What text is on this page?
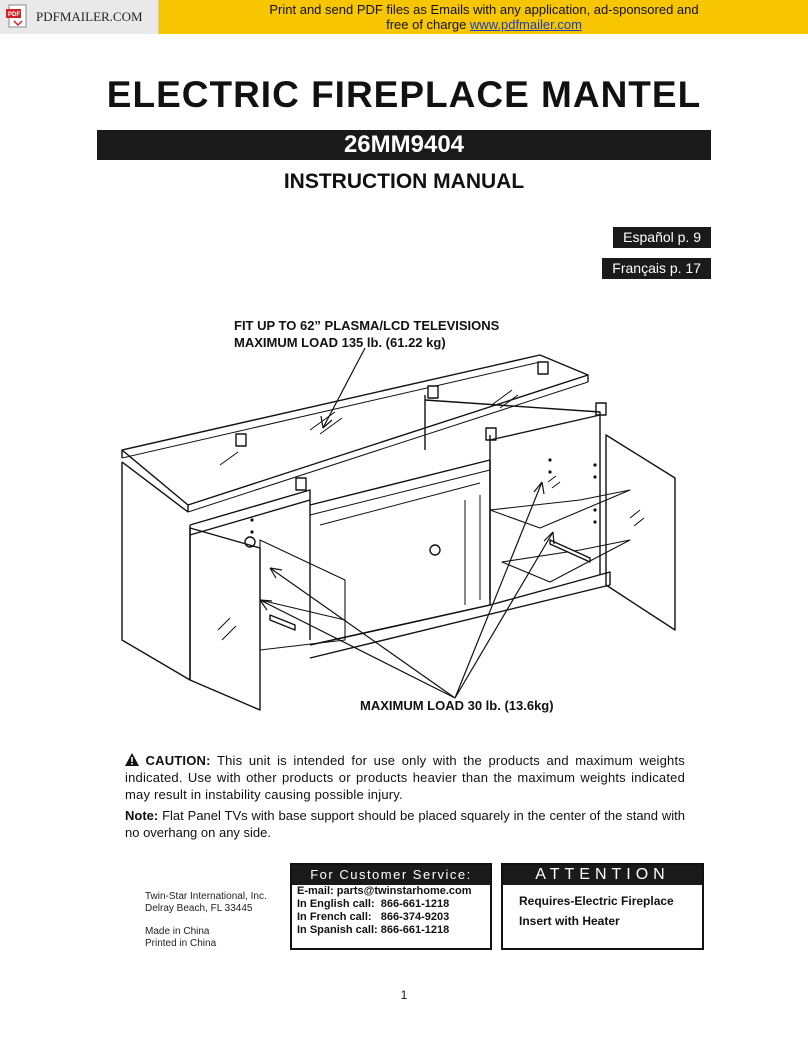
PDF PDFMAILER.COM	Print and send PDF files as Emails with any application, ad-sponsored and
free of charge www.pdfmailer.com
ELECTRIC FIREPLACE MANTEL
26MM9404
INSTRUCTION MANUAL
Español p. 9
Français p. 17
FIT UP TO 62” PLASMA/LCD TELEVISIONS
MAXIMUM LOAD 135 lb. (61.22 kg)
MAXIMUM LOAD 30 lb. (13.6kg)
CAUTION: This unit is intended for use only with the products and maximum weights indicated. Use with other products or products heavier than the maximum weights indicated may result in instability causing possible injury.
Note: Flat Panel TVs with base support should be placed squarely in the center of the stand with no overhang on any side.
Twin-Star International, Inc.
Delray Beach, FL 33445
Made in China
Printed in China
For Customer Service:
E-mail: parts@twinstarhome.com
In English call:  866-661-1218
In French call:   866-374-9203
In Spanish call: 866-661-1218
ATTENTION
Requires-Electric Fireplace
Insert with Heater
1
